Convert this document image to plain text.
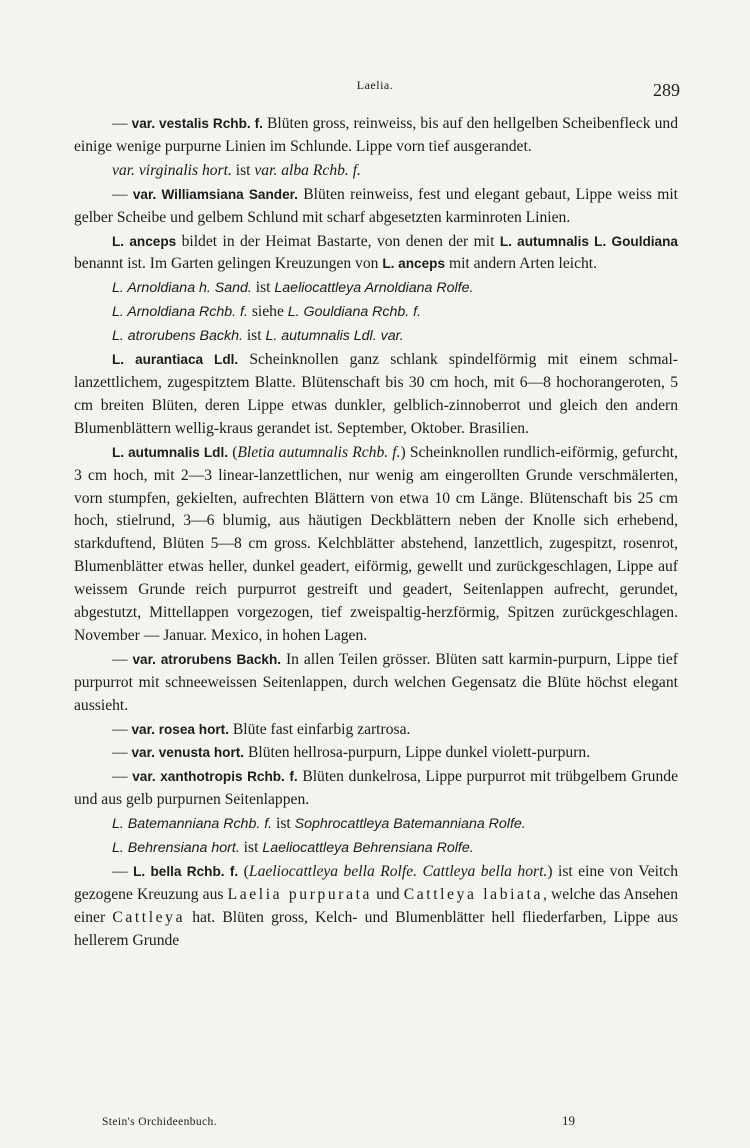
Laelia.	289
— var. vestalis Rchb. f. Blüten gross, reinweiss, bis auf den hellgelben Scheibenfleck und einige wenige purpurne Linien im Schlunde. Lippe vorn tief ausgerandet.
var. virginalis hort. ist var. alba Rchb. f.
— var. Williamsiana Sander. Blüten reinweiss, fest und elegant gebaut, Lippe weiss mit gelber Scheibe und gelbem Schlund mit scharf abgesetzten karminroten Linien.
L. anceps bildet in der Heimat Bastarte, von denen der mit L. autumnalis L. Gouldiana benannt ist. Im Garten gelingen Kreuzungen von L. anceps mit andern Arten leicht.
L. Arnoldiana h. Sand. ist Laeliocattleya Arnoldiana Rolfe.
L. Arnoldiana Rchb. f. siehe L. Gouldiana Rchb. f.
L. atrorubens Backh. ist L. autumnalis Ldl. var.
L. aurantiaca Ldl. Scheinknollen ganz schlank spindelförmig mit einem schmal-lanzettlichem, zugespitztem Blatte. Blütenschaft bis 30 cm hoch, mit 6—8 hochorangeroten, 5 cm breiten Blüten, deren Lippe etwas dunkler, gelblich-zinnoberrot und gleich den andern Blumenblättern wellig-kraus gerandet ist. September, Oktober. Brasilien.
L. autumnalis Ldl. (Bletia autumnalis Rchb. f.) Scheinknollen rundlich-eiförmig, gefurcht, 3 cm hoch, mit 2—3 linear-lanzettlichen, nur wenig am eingerollten Grunde verschmälerten, vorn stumpfen, gekielten, aufrechten Blättern von etwa 10 cm Länge. Blütenschaft bis 25 cm hoch, stielrund, 3—6 blumig, aus häutigen Deckblättern neben der Knolle sich erhebend, starkduftend, Blüten 5—8 cm gross. Kelchblätter abstehend, lanzettlich, zugespitzt, rosenrot, Blumenblätter etwas heller, dunkel geadert, eiförmig, gewellt und zurückgeschlagen, Lippe auf weissem Grunde reich purpurrot gestreift und geadert, Seitenlappen aufrecht, gerundet, abgestutzt, Mittellappen vorgezogen, tief zweispaltig-herzförmig, Spitzen zurückgeschlagen. November — Januar. Mexico, in hohen Lagen.
— var. atrorubens Backh. In allen Teilen grösser. Blüten satt karmin-purpurn, Lippe tief purpurrot mit schneeweissen Seitenlappen, durch welchen Gegensatz die Blüte höchst elegant aussieht.
— var. rosea hort. Blüte fast einfarbig zartrosa.
— var. venusta hort. Blüten hellrosa-purpurn, Lippe dunkel violett-purpurn.
— var. xanthotropis Rchb. f. Blüten dunkelrosa, Lippe purpurrot mit trübgelbem Grunde und aus gelb purpurnen Seitenlappen.
L. Batemanniana Rchb. f. ist Sophrocattleya Batemanniana Rolfe.
L. Behrensiana hort. ist Laeliocattleya Behrensiana Rolfe.
— L. bella Rchb. f. (Laeliocattleya bella Rolfe. Cattleya bella hort.) ist eine von Veitch gezogene Kreuzung aus Laelia purpurata und Cattleya labiata, welche das Ansehen einer Cattleya hat. Blüten gross, Kelch- und Blumenblätter hell fliederfarben, Lippe aus hellerem Grunde
Stein's Orchideenbuch.	19
